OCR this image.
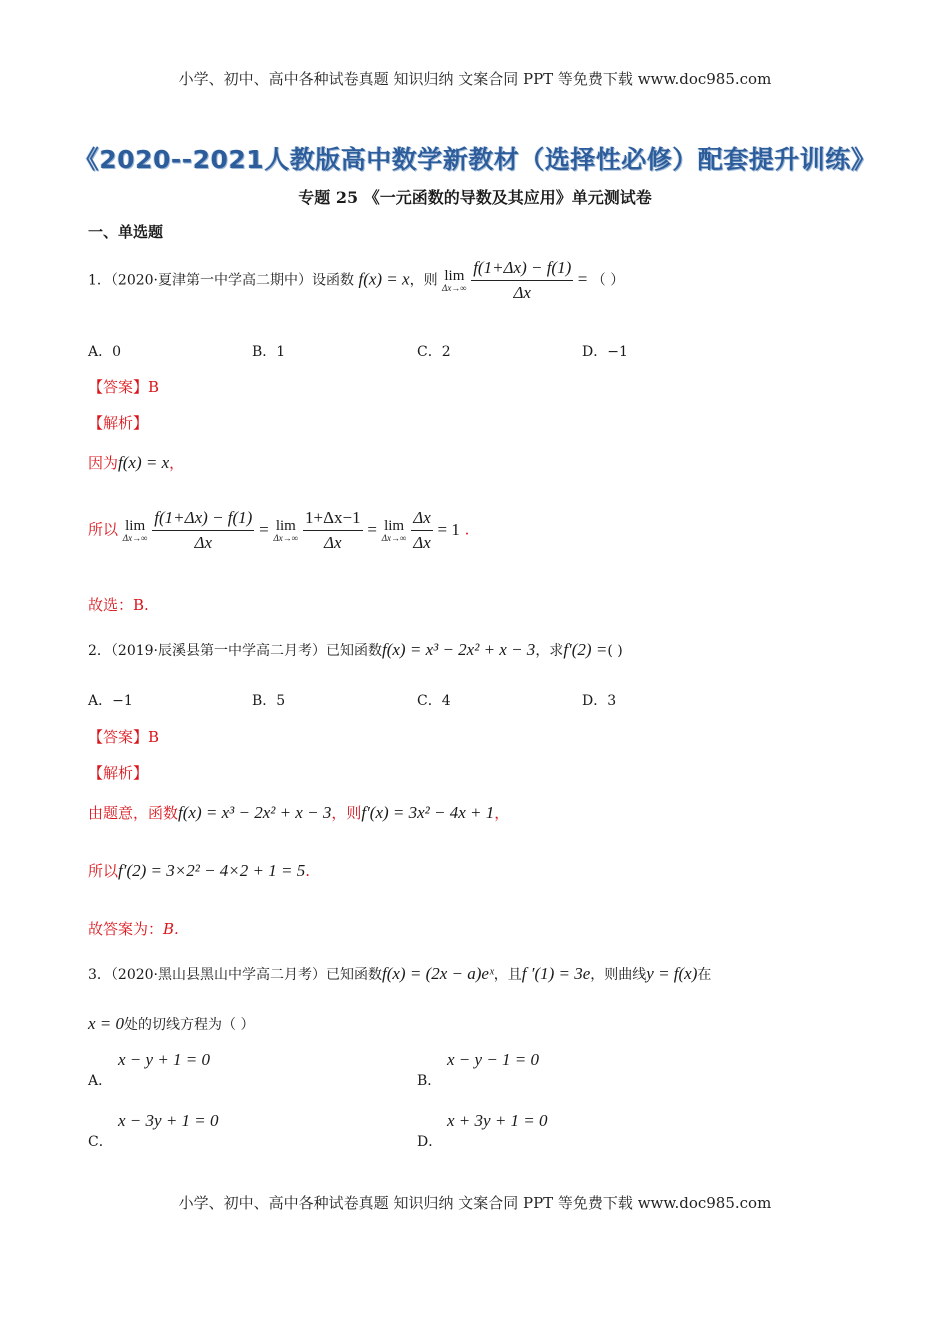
小学、初中、高中各种试卷真题 知识归纳 文案合同 PPT 等免费下载 www.doc985.com
《2020--2021人教版高中数学新教材（选择性必修）配套提升训练》
专题 25 《一元函数的导数及其应用》单元测试卷
一、单选题
1．（2020·夏津第一中学高二期中）设函数 f(x) = x，则 lim
Δx→∞
$\frac{f(1+\Delta x) - f(1)}{\Delta x}$ = （ ）
A．0	B．1	C．2	D．−1
【答案】B
【解析】
因为f(x) = x，
所以 lim
Δx→∞
$\frac{f(1+\Delta x) - f(1)}{\Delta x} = \lim$
Δx→∞
$\frac{1+\Delta x-1}{\Delta x} = \lim$
Δx→∞
$\frac{\Delta x}{\Delta x} = 1$ .
故选：B.
2．（2019·辰溪县第一中学高二月考）已知函数f(x) = x³ − 2x² + x − 3，求f′(2) =( )
A．−1	B．5	C．4	D．3
【答案】B
【解析】
由题意，函数f(x) = x³ − 2x² + x − 3，则f′(x) = 3x² − 4x + 1，
所以f′(2) = 3×2² − 4×2 + 1 = 5.
故答案为：B.
3．（2020·黑山县黑山中学高二月考）已知函数f(x) = (2x − a)eˣ，且f ′(1) = 3e，则曲线y = f(x)在
x = 0处的切线方程为（ ）
x − y + 1 = 0
A．
x − y − 1 = 0
B．
x − 3y + 1 = 0
C．
x + 3y + 1 = 0
D．
小学、初中、高中各种试卷真题 知识归纳 文案合同 PPT 等免费下载 www.doc985.com
